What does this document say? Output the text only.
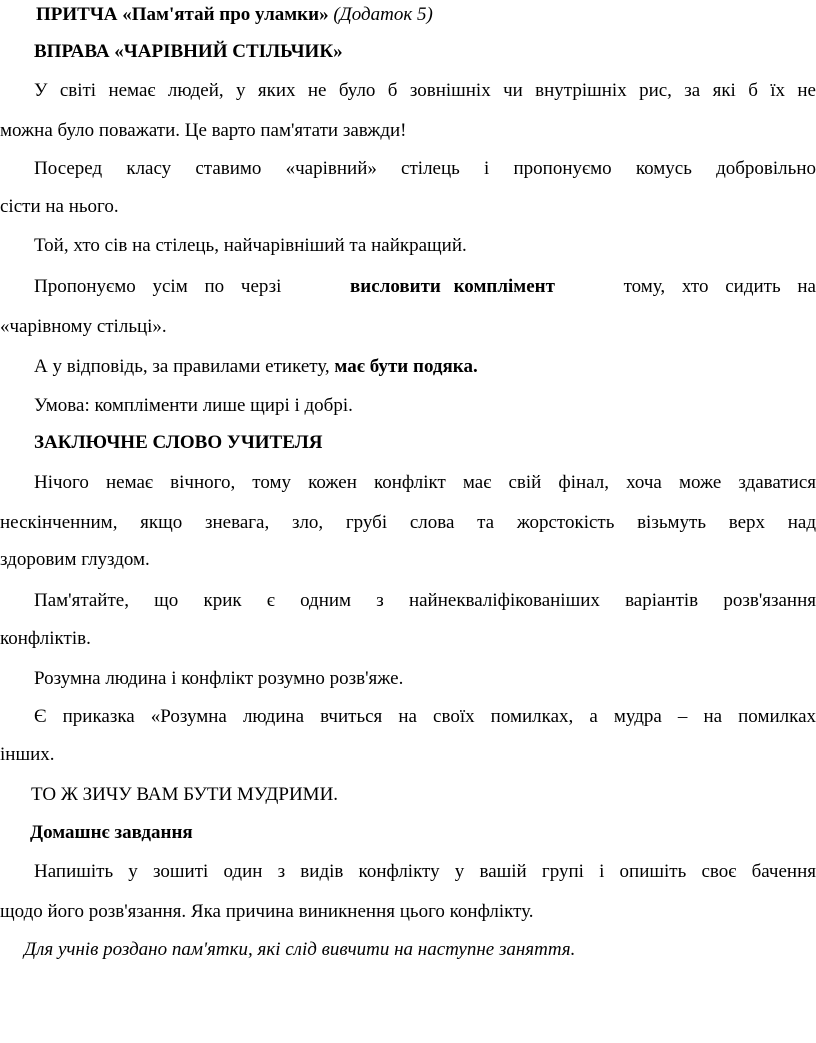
ПРИТЧА «Пам'ятай про уламки» (Додаток 5)
ВПРАВА «ЧАРІВНИЙ СТІЛЬЧИК»
У світі немає людей, у яких не було б зовнішніх чи внутрішніх рис, за які б їх не
можна було поважати. Це варто пам'ятати завжди!
Посеред класу ставимо «чарівний» стілець і пропонуємо комусь добровільно
сісти на нього.
Той, хто сів на стілець, найчарівніший та найкращий.
Пропонуємо усім по черзі	висловити комплімент	тому, хто сидить на
«чарівному стільці».
А у відповідь, за правилами етикету, має бути подяка.
Умова: компліменти лише щирі і добрі.
ЗАКЛЮЧНЕ СЛОВО УЧИТЕЛЯ
Нічого немає вічного, тому кожен конфлікт має свій фінал, хоча може здаватися
нескінченним, якщо зневага, зло, грубі слова та жорстокість візьмуть верх над
здоровим глуздом.
Пам'ятайте, що крик є одним з найнекваліфікованіших варіантів розв'язання
конфліктів.
Розумна людина і конфлікт розумно розв'яже.
Є приказка «Розумна людина вчиться на своїх помилках, а мудра – на помилках
інших.
ТО Ж ЗИЧУ ВАМ БУТИ МУДРИМИ.
Домашнє завдання
Напишіть у зошиті один з видів конфлікту у вашій групі і опишіть своє бачення
щодо його розв'язання. Яка причина виникнення цього конфлікту.
Для учнів роздано пам'ятки, які слід вивчити на наступне заняття.
